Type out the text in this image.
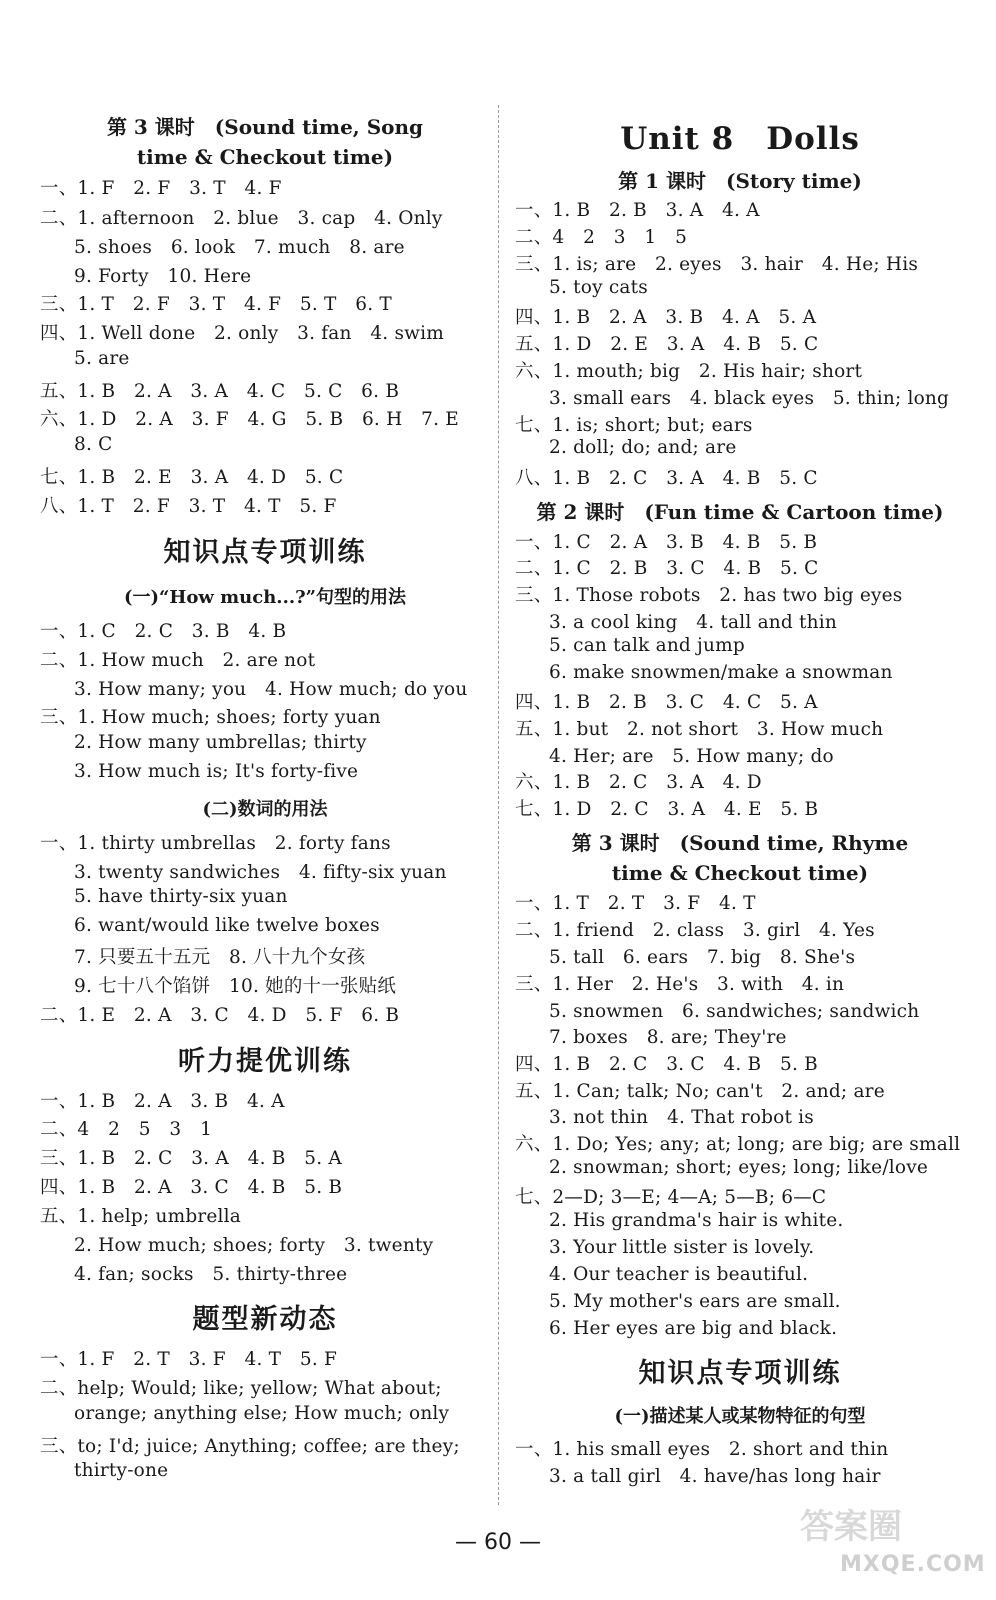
第 3 课时　(Sound time, Song
time & Checkout time)
一、1. F　2. F　3. T　4. F
二、1. afternoon　2. blue　3. cap　4. Only
5. shoes　6. look　7. much　8. are
9. Forty　10. Here
三、1. T　2. F　3. T　4. F　5. T　6. T
四、1. Well done　2. only　3. fan　4. swim
5. are
五、1. B　2. A　3. A　4. C　5. C　6. B
六、1. D　2. A　3. F　4. G　5. B　6. H　7. E
8. C
七、1. B　2. E　3. A　4. D　5. C
八、1. T　2. F　3. T　4. T　5. F
知识点专项训练
(一)“How much...?”句型的用法
一、1. C　2. C　3. B　4. B
二、1. How much　2. are not
3. How many; you　4. How much; do you
三、1. How much; shoes; forty yuan
2. How many umbrellas; thirty
3. How much is; It's forty-five
(二)数词的用法
一、1. thirty umbrellas　2. forty fans
3. twenty sandwiches　4. fifty-six yuan
5. have thirty-six yuan
6. want/would like twelve boxes
7. 只要五十五元　8. 八十九个女孩
9. 七十八个馅饼　10. 她的十一张贴纸
二、1. E　2. A　3. C　4. D　5. F　6. B
听力提优训练
一、1. B　2. A　3. B　4. A
二、4　2　5　3　1
三、1. B　2. C　3. A　4. B　5. A
四、1. B　2. A　3. C　4. B　5. B
五、1. help; umbrella
2. How much; shoes; forty　3. twenty
4. fan; socks　5. thirty-three
题型新动态
一、1. F　2. T　3. F　4. T　5. F
二、help; Would; like; yellow; What about;
orange; anything else; How much; only
三、to; I'd; juice; Anything; coffee; are they;
thirty-one
Unit 8　Dolls
第 1 课时　(Story time)
一、1. B　2. B　3. A　4. A
二、4　2　3　1　5
三、1. is; are　2. eyes　3. hair　4. He; His
5. toy cats
四、1. B　2. A　3. B　4. A　5. A
五、1. D　2. E　3. A　4. B　5. C
六、1. mouth; big　2. His hair; short
3. small ears　4. black eyes　5. thin; long
七、1. is; short; but; ears
2. doll; do; and; are
八、1. B　2. C　3. A　4. B　5. C
第 2 课时　(Fun time & Cartoon time)
一、1. C　2. A　3. B　4. B　5. B
二、1. C　2. B　3. C　4. B　5. C
三、1. Those robots　2. has two big eyes
3. a cool king　4. tall and thin
5. can talk and jump
6. make snowmen/make a snowman
四、1. B　2. B　3. C　4. C　5. A
五、1. but　2. not short　3. How much
4. Her; are　5. How many; do
六、1. B　2. C　3. A　4. D
七、1. D　2. C　3. A　4. E　5. B
第 3 课时　(Sound time, Rhyme
time & Checkout time)
一、1. T　2. T　3. F　4. T
二、1. friend　2. class　3. girl　4. Yes
5. tall　6. ears　7. big　8. She's
三、1. Her　2. He's　3. with　4. in
5. snowmen　6. sandwiches; sandwich
7. boxes　8. are; They're
四、1. B　2. C　3. C　4. B　5. B
五、1. Can; talk; No; can't　2. and; are
3. not thin　4. That robot is
六、1. Do; Yes; any; at; long; are big; are small
2. snowman; short; eyes; long; like/love
七、2—D; 3—E; 4—A; 5—B; 6—C
2. His grandma's hair is white.
3. Your little sister is lovely.
4. Our teacher is beautiful.
5. My mother's ears are small.
6. Her eyes are big and black.
知识点专项训练
(一)描述某人或某物特征的句型
一、1. his small eyes　2. short and thin
3. a tall girl　4. have/has long hair
— 60 —	答案圈
MXQE.COM
